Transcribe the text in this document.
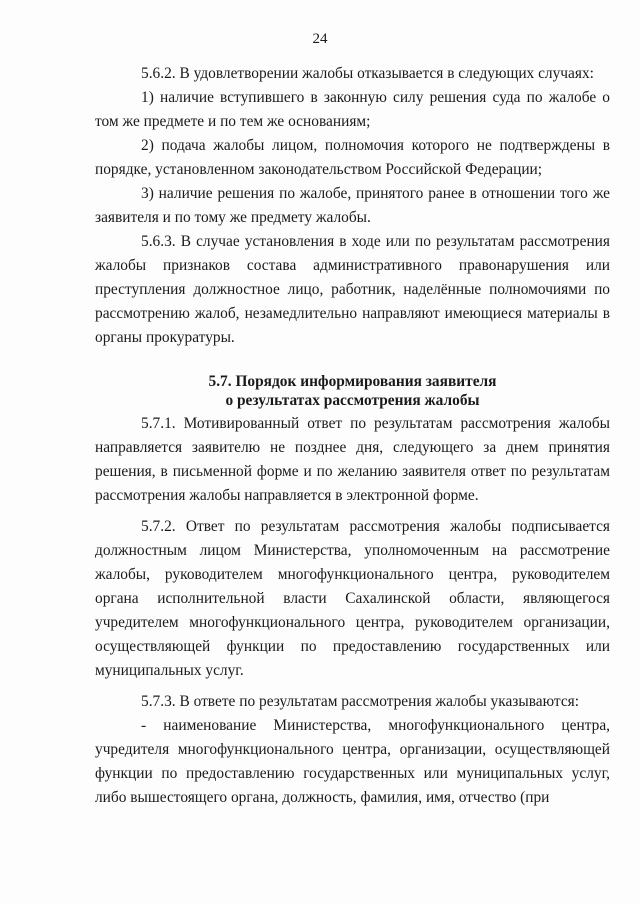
24

5.6.2. В удовлетворении жалобы отказывается в следующих случаях:

1) наличие вступившего в законную силу решения суда по жалобе о том же предмете и по тем же основаниям;

2) подача жалобы лицом, полномочия которого не подтверждены в порядке, установленном законодательством Российской Федерации;

3) наличие решения по жалобе, принятого ранее в отношении того же заявителя и по тому же предмету жалобы.

5.6.3. В случае установления в ходе или по результатам рассмотрения жалобы признаков состава административного правонарушения или преступления должностное лицо, работник, наделённые полномочиями по рассмотрению жалоб, незамедлительно направляют имеющиеся материалы в органы прокуратуры.

5.7. Порядок информирования заявителя
о результатах рассмотрения жалобы

5.7.1. Мотивированный ответ по результатам рассмотрения жалобы направляется заявителю не позднее дня, следующего за днем принятия решения, в письменной форме и по желанию заявителя ответ по результатам рассмотрения жалобы направляется в электронной форме.

5.7.2. Ответ по результатам рассмотрения жалобы подписывается должностным лицом Министерства, уполномоченным на рассмотрение жалобы, руководителем многофункционального центра, руководителем органа исполнительной власти Сахалинской области, являющегося учредителем многофункционального центра, руководителем организации, осуществляющей функции по предоставлению государственных или муниципальных услуг.

5.7.3. В ответе по результатам рассмотрения жалобы указываются:

- наименование Министерства, многофункционального центра, учредителя многофункционального центра, организации, осуществляющей функции по предоставлению государственных или муниципальных услуг, либо вышестоящего органа, должность, фамилия, имя, отчество (при
